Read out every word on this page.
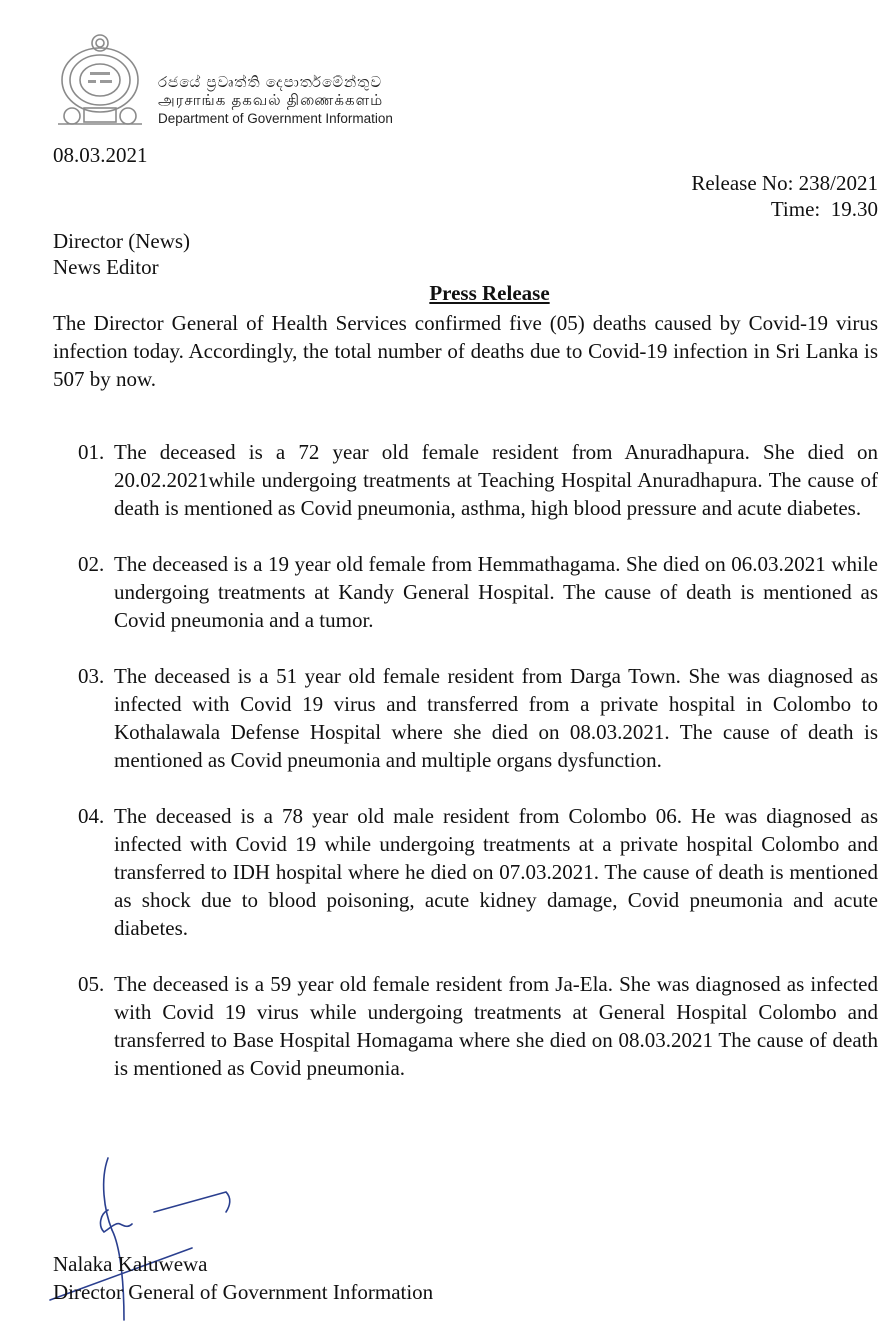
රජයේ ප්‍රවෘත්ති දෙපාර්තමේන්තුව
அரசாங்க தகவல் திணைக்களம்
Department of Government Information
08.03.2021
Release No: 238/2021
Time:  19.30
Director (News)
News Editor
Press Release

The Director General of Health Services confirmed five (05) deaths caused by Covid-19 virus infection today. Accordingly, the total number of deaths due to Covid-19 infection in Sri Lanka is 507 by now.

01. The deceased is a 72 year old female resident from Anuradhapura. She died on 20.02.2021while undergoing treatments at Teaching Hospital Anuradhapura. The cause of death is mentioned as Covid pneumonia, asthma, high blood pressure and acute diabetes.

02. The deceased is a 19 year old female from Hemmathagama. She died on 06.03.2021 while undergoing treatments at Kandy General Hospital. The cause of death is mentioned as Covid pneumonia and a tumor.

03. The deceased is a 51 year old female resident from Darga Town. She was diagnosed as infected with Covid 19 virus and transferred from a private hospital in Colombo to Kothalawala Defense Hospital where she died on 08.03.2021. The cause of death is mentioned as Covid pneumonia and multiple organs dysfunction.

04. The deceased is a 78 year old male resident from Colombo 06. He was diagnosed as infected with Covid 19 while undergoing treatments at a private hospital Colombo and transferred to IDH hospital where he died on 07.03.2021. The cause of death is mentioned as shock due to blood poisoning, acute kidney damage, Covid pneumonia and acute diabetes.

05. The deceased is a 59 year old female resident from Ja-Ela. She was diagnosed as infected with Covid 19 virus while undergoing treatments at General Hospital Colombo and transferred to Base Hospital Homagama where she died on 08.03.2021 The cause of death is mentioned as Covid pneumonia.

Nalaka Kaluwewa
Director General of Government Information
